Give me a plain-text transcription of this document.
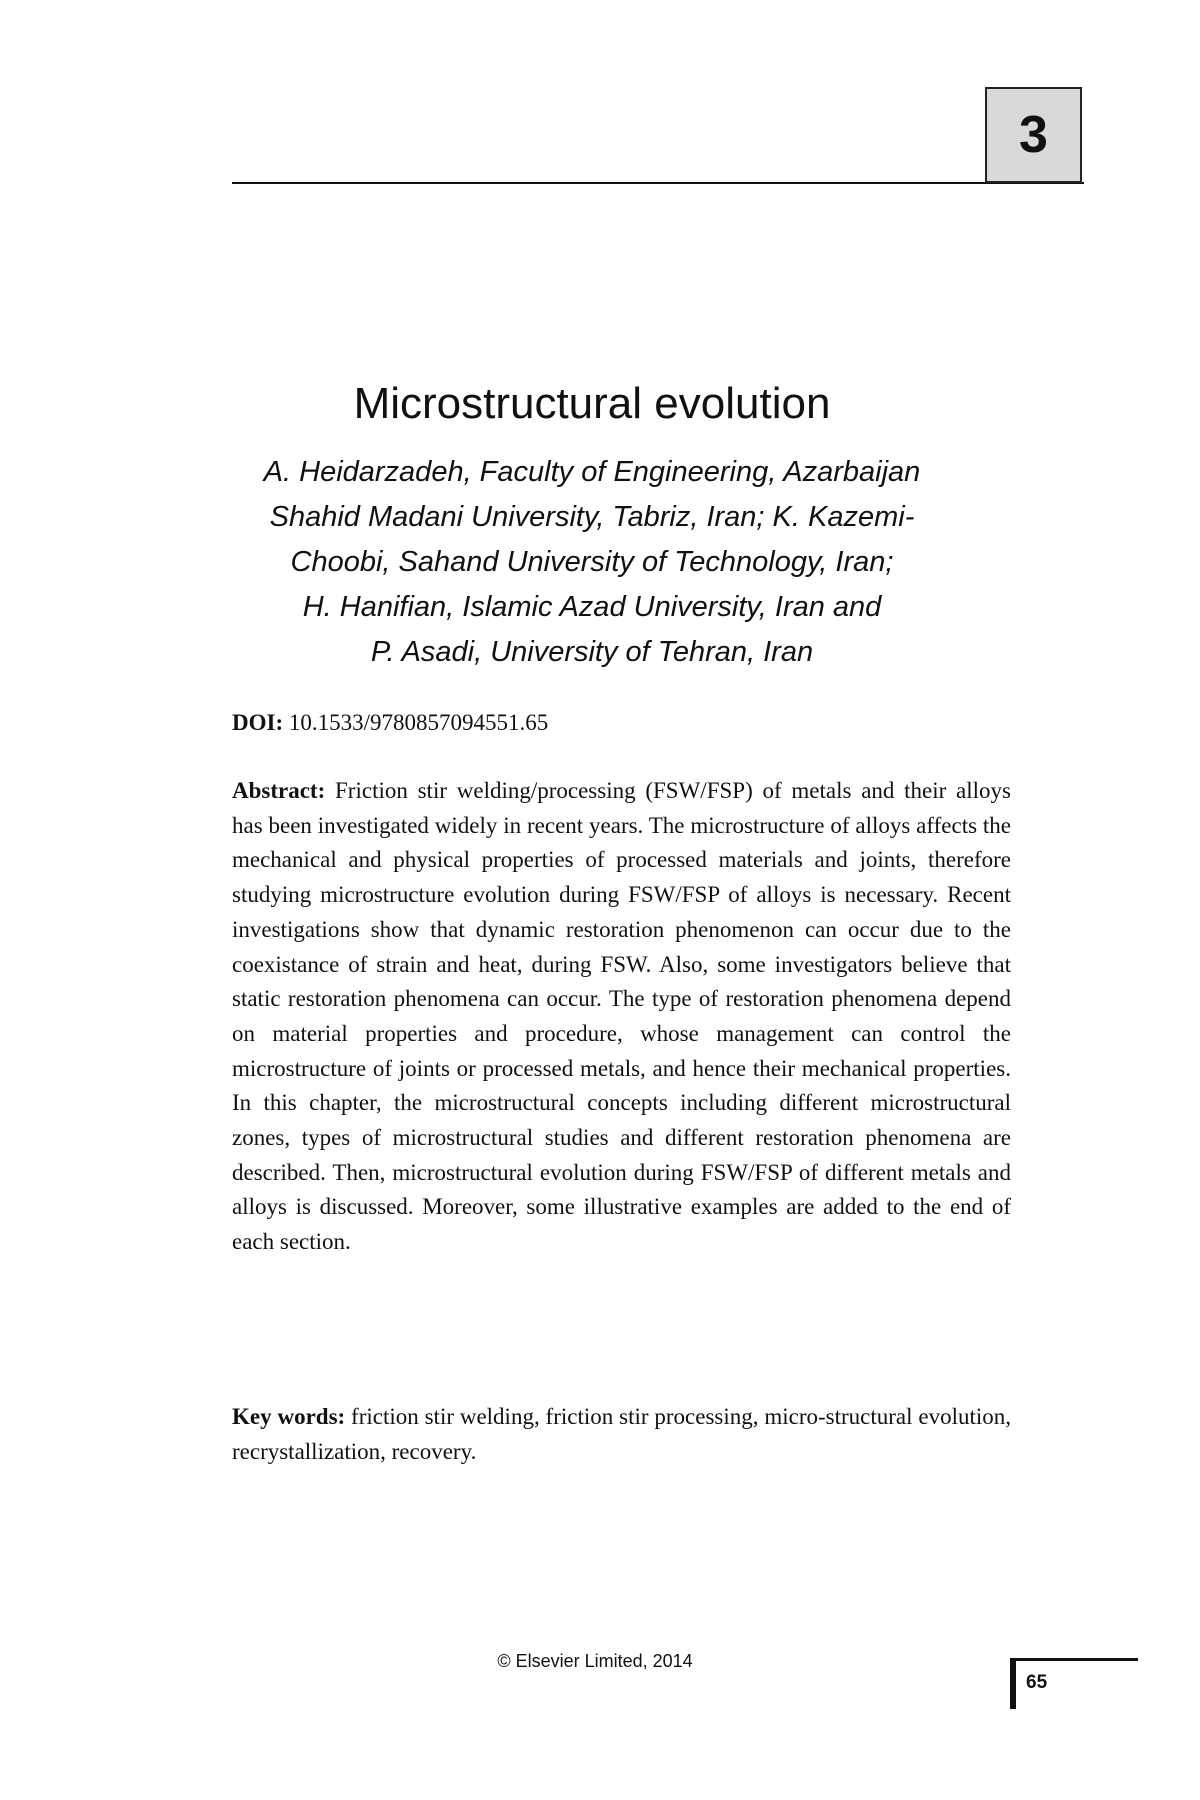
3
Microstructural evolution
A. Heidarzadeh, Faculty of Engineering, Azarbaijan
Shahid Madani University, Tabriz, Iran; K. Kazemi-
Choobi, Sahand University of Technology, Iran;
H. Hanifian, Islamic Azad University, Iran and
P. Asadi, University of Tehran, Iran
DOI: 10.1533/9780857094551.65
Abstract: Friction stir welding/processing (FSW/FSP) of metals and their alloys has been investigated widely in recent years. The microstructure of alloys affects the mechanical and physical properties of processed materials and joints, therefore studying microstructure evolution during FSW/FSP of alloys is necessary. Recent investigations show that dynamic restoration phenomenon can occur due to the coexistance of strain and heat, during FSW. Also, some investigators believe that static restoration phenomena can occur. The type of restoration phenomena depend on material properties and procedure, whose management can control the microstructure of joints or processed metals, and hence their mechanical properties. In this chapter, the microstructural concepts including different microstructural zones, types of microstructural studies and different restoration phenomena are described. Then, microstructural evolution during FSW/FSP of different metals and alloys is discussed. Moreover, some illustrative examples are added to the end of each section.
Key words: friction stir welding, friction stir processing, micro-structural evolution, recrystallization, recovery.
© Elsevier Limited, 2014
65
